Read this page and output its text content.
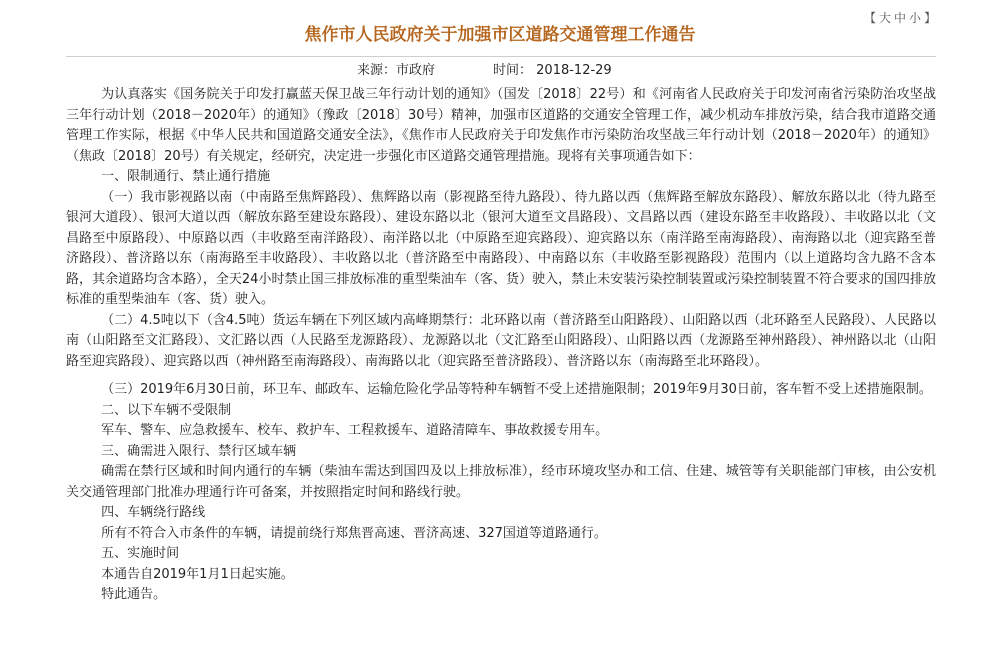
【大中小】
焦作市人民政府关于加强市区道路交通管理工作通告
来源：市政府	时间： 2018-12-29

为认真落实《国务院关于印发打赢蓝天保卫战三年行动计划的通知》（国发〔2018〕22号）和《河南省人民政府关于印发河南省污染防治攻坚战三年行动计划（2018－2020年）的通知》（豫政〔2018〕30号）精神，加强市区道路的交通安全管理工作，减少机动车排放污染，结合我市道路交通管理工作实际，根据《中华人民共和国道路交通安全法》，《焦作市人民政府关于印发焦作市污染防治攻坚战三年行动计划（2018－2020年）的通知》（焦政〔2018〕20号）有关规定，经研究，决定进一步强化市区道路交通管理措施。现将有关事项通告如下：

一、限制通行、禁止通行措施

（一）我市影视路以南（中南路至焦辉路段）、焦辉路以南（影视路至待九路段）、待九路以西（焦辉路至解放东路段）、解放东路以北（待九路至银河大道段）、银河大道以西（解放东路至建设东路段）、建设东路以北（银河大道至文昌路段）、文昌路以西（建设东路至丰收路段）、丰收路以北（文昌路至中原路段）、中原路以西（丰收路至南洋路段）、南洋路以北（中原路至迎宾路段）、迎宾路以东（南洋路至南海路段）、南海路以北（迎宾路至普济路段）、普济路以东（南海路至丰收路段）、丰收路以北（普济路至中南路段）、中南路以东（丰收路至影视路段）范围内（以上道路均含九路不含本路，其余道路均含本路），全天24小时禁止国三排放标准的重型柴油车（客、货）驶入，禁止未安装污染控制装置或污染控制装置不符合要求的国四排放标准的重型柴油车（客、货）驶入。

（二）4.5吨以下（含4.5吨）货运车辆在下列区域内高峰期禁行：北环路以南（普济路至山阳路段）、山阳路以西（北环路至人民路段）、人民路以南（山阳路至文汇路段）、文汇路以西（人民路至龙源路段）、龙源路以北（文汇路至山阳路段）、山阳路以西（龙源路至神州路段）、神州路以北（山阳路至迎宾路段）、迎宾路以西（神州路至南海路段）、南海路以北（迎宾路至普济路段）、普济路以东（南海路至北环路段）。

（三）2019年6月30日前，环卫车、邮政车、运输危险化学品等特种车辆暂不受上述措施限制；2019年9月30日前，客车暂不受上述措施限制。

二、以下车辆不受限制

军车、警车、应急救援车、校车、救护车、工程救援车、道路清障车、事故救援专用车。

三、确需进入限行、禁行区域车辆

确需在禁行区域和时间内通行的车辆（柴油车需达到国四及以上排放标准），经市环境攻坚办和工信、住建、城管等有关职能部门审核，由公安机关交通管理部门批准办理通行许可备案，并按照指定时间和路线行驶。

四、车辆绕行路线

所有不符合入市条件的车辆，请提前绕行郑焦晋高速、晋济高速、327国道等道路通行。

五、实施时间

本通告自2019年1月1日起实施。

特此通告。
